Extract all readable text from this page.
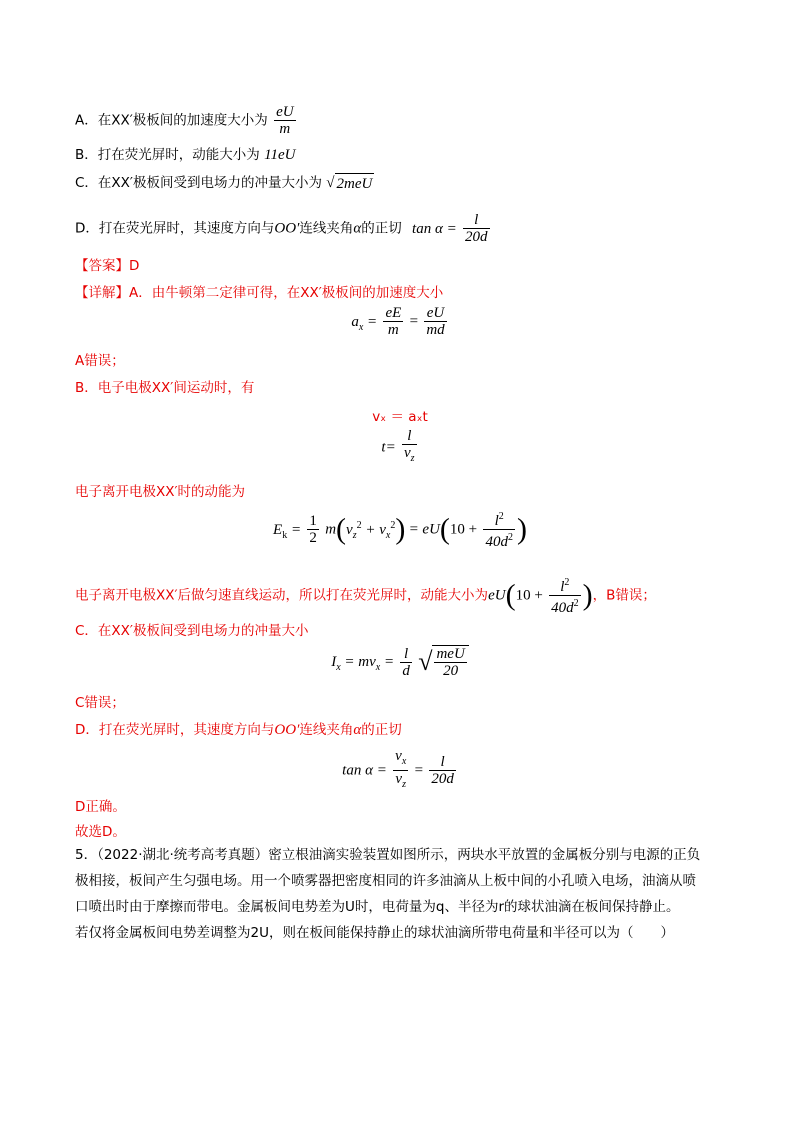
A．在XX′极板间的加速度大小为 $\frac{eU}{m}$
B．打在荧光屏时，动能大小为 11eU
C．在XX′极板间受到电场力的冲量大小为 √ 2meU
D．打在荧光屏时，其速度方向与OO′连线夹角α的正切 $\tan \alpha = \frac{l}{20d}$
【答案】D
【详解】A．由牛顿第二定律可得，在XX′极板间的加速度大小
$a_x = \frac{eE}{m} = \frac{eU}{md}$
A错误；
B．电子电极XX′间运动时，有
vₓ ＝ aₓt
$t= \frac{l}{v_z}$
电子离开电极XX′时的动能为
$E_k = \frac{1}{2} m(v_z^2 + v_x^2) = eU(10 + \frac{l^2}{40d^2}$ )
电子离开电极XX′后做匀速直线运动，所以打在荧光屏时，动能大小为$eU(10 + \frac{l^2}{40d^2}$ )，B错误；
C．在XX′极板间受到电场力的冲量大小
$I_x = mv_x = \frac{l}{d}$ √ $\frac{\text{meU}}{20}$
C错误；
D．打在荧光屏时，其速度方向与OO′连线夹角α的正切
$\tan \alpha = \frac{v_x}{v_z} = \frac{l}{20d}$
D正确。
故选D。
5．（2022·湖北·统考高考真题）密立根油滴实验装置如图所示，两块水平放置的金属板分别与电源的正负
极相接，板间产生匀强电场。用一个喷雾器把密度相同的许多油滴从上板中间的小孔喷入电场，油滴从喷
口喷出时由于摩擦而带电。金属板间电势差为U时，电荷量为q、半径为r的球状油滴在板间保持静止。
若仅将金属板间电势差调整为2U，则在板间能保持静止的球状油滴所带电荷量和半径可以为（　　）
